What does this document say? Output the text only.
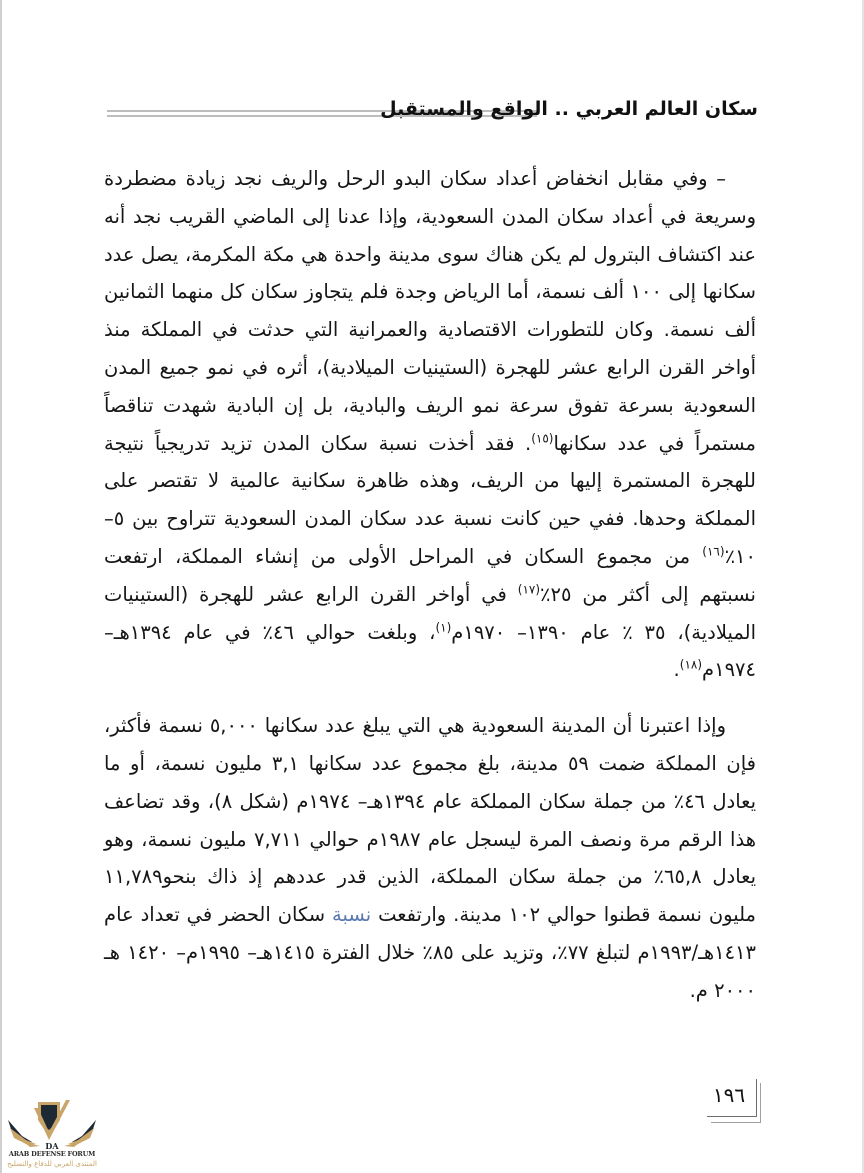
سكان العالم العربي .. الواقع والمستقبل

– وفي مقابل انخفاض أعداد سكان البدو الرحل والريف نجد زيادة مضطردة وسريعة في أعداد سكان المدن السعودية، وإذا عدنا إلى الماضي القريب نجد أنه عند اكتشاف البترول لم يكن هناك سوى مدينة واحدة هي مكة المكرمة، يصل عدد سكانها إلى ١٠٠ ألف نسمة، أما الرياض وجدة فلم يتجاوز سكان كل منهما الثمانين ألف نسمة. وكان للتطورات الاقتصادية والعمرانية التي حدثت في المملكة منذ أواخر القرن الرابع عشر للهجرة (الستينيات الميلادية)، أثره في نمو جميع المدن السعودية بسرعة تفوق سرعة نمو الريف والبادية، بل إن البادية شهدت تناقصاً مستمراً في عدد سكانها$^{(١٥)}$. فقد أخذت نسبة سكان المدن تزيد تدريجياً نتيجة للهجرة المستمرة إليها من الريف، وهذه ظاهرة سكانية عالمية لا تقتصر على المملكة وحدها. ففي حين كانت نسبة عدد سكان المدن السعودية تتراوح بين ٥– ١٠٪$^{(١٦)}$ من مجموع السكان في المراحل الأولى من إنشاء المملكة، ارتفعت نسبتهم إلى أكثر من ٢٥٪$^{(١٧)}$ في أواخر القرن الرابع عشر للهجرة (الستينيات الميلادية)، ٣٥ ٪ عام ١٣٩٠– ١٩٧٠م$^{(١)}$، وبلغت حوالي ٤٦٪ في عام ١٣٩٤هـ– ١٩٧٤م$^{(١٨)}$.

وإذا اعتبرنا أن المدينة السعودية هي التي يبلغ عدد سكانها ٥,٠٠٠ نسمة فأكثر، فإن المملكة ضمت ٥٩ مدينة، بلغ مجموع عدد سكانها ٣,١ مليون نسمة، أو ما يعادل ٤٦٪ من جملة سكان المملكة عام ١٣٩٤هـ– ١٩٧٤م (شكل ٨)، وقد تضاعف هذا الرقم مرة ونصف المرة ليسجل عام ١٩٨٧م حوالي ٧,٧١١ مليون نسمة، وهو يعادل ٦٥,٨٪ من جملة سكان المملكة، الذين قدر عددهم إذ ذاك بنحو١١,٧٨٩ مليون نسمة قطنوا حوالي ١٠٢ مدينة. وارتفعت نسبة سكان الحضر في تعداد عام ١٤١٣هـ/١٩٩٣م لتبلغ ٧٧٪، وتزيد على ٨٥٪ خلال الفترة ١٤١٥هـ– ١٩٩٥م– ١٤٢٠ هـ ٢٠٠٠ م.

١٩٦
DA
ARAB DEFENSE FORUM
المنتدى العربي للدفاع والتسليح
